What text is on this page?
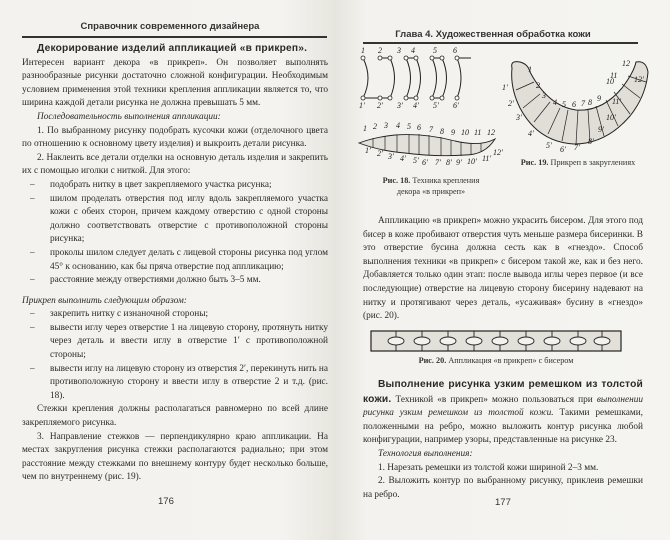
Справочник современного дизайнера

Декорирование изделий аппликацией «в прикреп».

Интересен вариант декора «в прикреп». Он позволяет выполнять разнообразные рисунки достаточно сложной конфигурации. Необходимым условием применения этой техники крепления аппликации является то, что ширина каждой детали рисунка не должна превышать 5 мм.

Последовательность выполнения аппликации:

1. По выбранному рисунку подобрать кусочки кожи (отделочного цвета по отношению к основному цвету изделия) и выкроить детали рисунка.

2. Наклеить все детали отделки на основную деталь изделия и закрепить их с помощью иголки с ниткой. Для этого:

– подобрать нитку в цвет закрепляемого участка рисунка;

– шилом проделать отверстия под иглу вдоль закрепляемого участка кожи с обеих сторон, причем каждому отверстию с одной стороны должно соответствовать отверстие с противоположной стороны рисунка;

– проколы шилом следует делать с лицевой стороны рисунка под углом 45° к основанию, как бы пряча отверстие под аппликацию;

– расстояние между отверстиями должно быть 3–5 мм.

Прикреп выполнить следующим образом:

– закрепить нитку с изнаночной стороны;

– вывести иглу через отверстие 1 на лицевую сторону, протянуть нитку через деталь и ввести иглу в отверстие 1′ с противоположной стороны;

– вывести иглу на лицевую сторону из отверстия 2′, перекинуть нить на противоположную сторону и ввести иглу в отверстие 2 и т.д. (рис. 18).

Стежки крепления должны располагаться равномерно по всей длине закрепляемого рисунка.

3. Направление стежков — перпендикулярно краю аппликации. На местах закругления рисунка стежки располагаются радиально; при этом расстояние между стежками по внешнему контуру будет несколько больше, чем по внутреннему (рис. 19).

176
Глава 4. Художественная обработка кожи
1 2 3 4 5 6
1′ 2′ 3′ 4′ 5′ 6′
1 2 3 4 5 6 7 8 9 10 11 12
1′ 2′ 3′ 4′ 5′ 6′ 7′ 8′ 9′ 10′ 11′
12′
Рис. 18. Техника крепления декора «в прикреп»
1
2
3
4 5 6 7 8 9
10
11
12
1′
2′
3′
4′
5′ 6′ 7′
8′
9′
10′
11′
12′
Рис. 19. Прикреп в закруглениях

Аппликацию «в прикреп» можно украсить бисером. Для этого под бисер в коже пробивают отверстия чуть меньше размера бисеринки. В это отверстие бусина должна сесть как в «гнездо». Способ выполнения техники «в прикреп» с бисером такой же, как и без него. Добавляется только один этап: после вывода иглы через первое (и все последующие) отверстие на лицевую сторону бисерину надевают на нитку и протягивают через деталь, «усаживая» бусину в «гнездо» (рис. 20).

Рис. 20. Аппликация «в прикреп» с бисером

Выполнение рисунка узким ремешком из толстой кожи. Техникой «в прикреп» можно пользоваться при выполнении рисунка узким ремешком из толстой кожи. Такими ремешками, положенными на ребро, можно выложить контур рисунка любой конфигурации, например узоры, представленные на рисунке 23.

Технология выполнения:

1. Нарезать ремешки из толстой кожи шириной 2–3 мм.

2. Выложить контур по выбранному рисунку, приклеив ремешки на ребро.

177
